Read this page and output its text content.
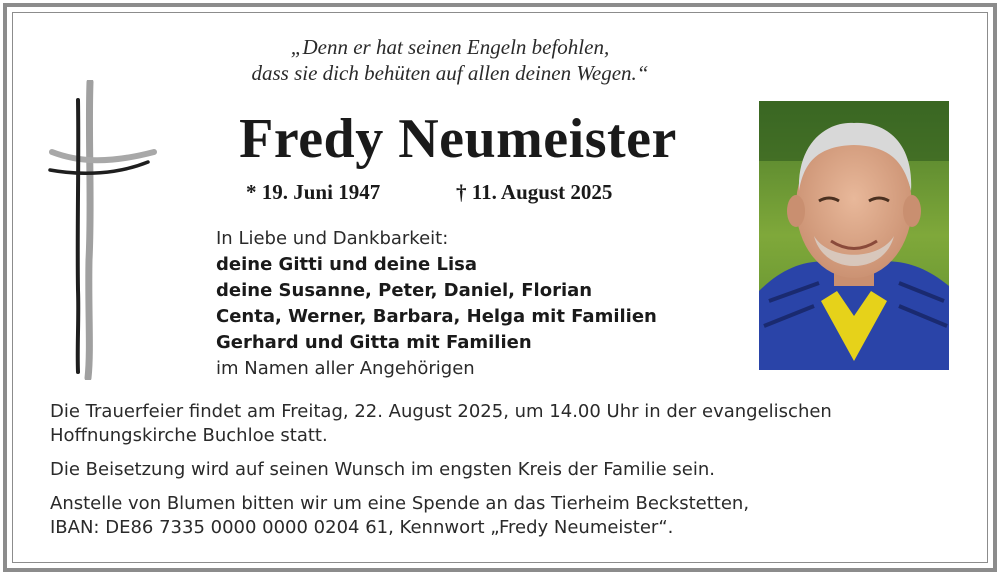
„Denn er hat seinen Engeln befohlen,
dass sie dich behüten auf allen deinen Wegen.“
Fredy Neumeister
* 19. Juni 1947	† 11. August 2025
In Liebe und Dankbarkeit:
deine Gitti und deine Lisa
deine Susanne, Peter, Daniel, Florian
Centa, Werner, Barbara, Helga mit Familien
Gerhard und Gitta mit Familien
im Namen aller Angehörigen

Die Trauerfeier findet am Freitag, 22. August 2025, um 14.00 Uhr in der evangelischen Hoffnungskirche Buchloe statt.

Die Beisetzung wird auf seinen Wunsch im engsten Kreis der Familie sein.

Anstelle von Blumen bitten wir um eine Spende an das Tierheim Beckstetten,

IBAN: DE86 7335 0000 0000 0204 61, Kennwort „Fredy Neumeister“.
